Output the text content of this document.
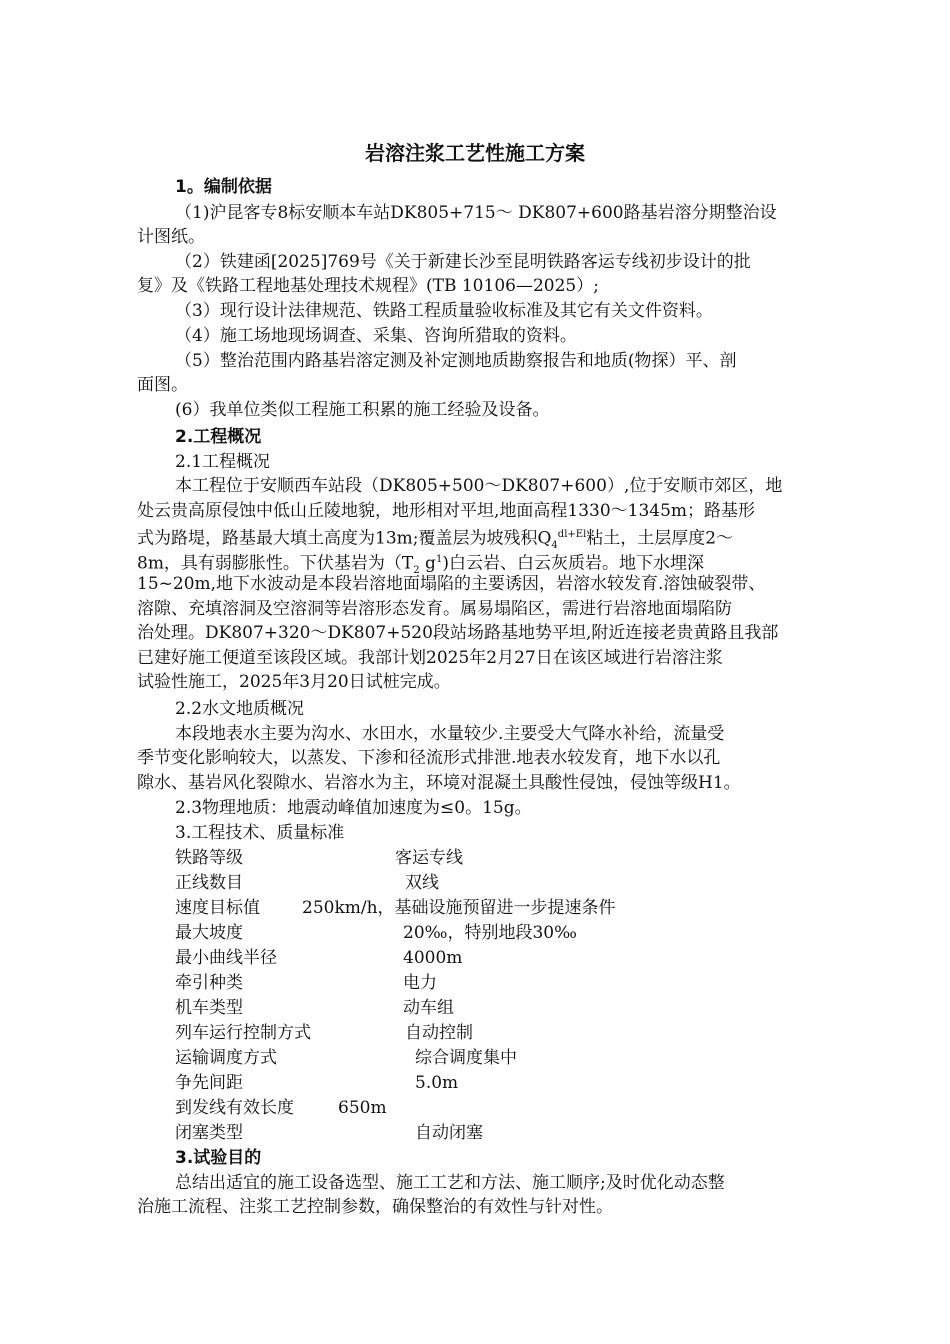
岩溶注浆工艺性施工方案
1。编制依据
（1)沪昆客专8标安顺本车站DK805+715～ DK807+600路基岩溶分期整治设
计图纸。
（2）铁建函[2025]769号《关于新建长沙至昆明铁路客运专线初步设计的批
复》及《铁路工程地基处理技术规程》(TB 10106—2025）;
（3）现行设计法律规范、铁路工程质量验收标准及其它有关文件资料。
（4）施工场地现场调查、采集、咨询所猎取的资料。
（5）整治范围内路基岩溶定测及补定测地质勘察报告和地质(物探）平、剖
面图。
(6）我单位类似工程施工积累的施工经验及设备。
2.工程概况
2.1工程概况
本工程位于安顺西车站段（DK805+500～DK807+600）,位于安顺市郊区，地
处云贵高原侵蚀中低山丘陵地貌，地形相对平坦,地面高程1330～1345m；路基形
式为路堤，路基最大填土高度为13m;覆盖层为坡残积$Q_4^{dl+El}$粘土，土层厚度2～
8m，具有弱膨胀性。下伏基岩为（$T_2$ $g^1$)白云岩、白云灰质岩。地下水埋深
15~20m,地下水波动是本段岩溶地面塌陷的主要诱因，岩溶水较发育.溶蚀破裂带、
溶隙、充填溶洞及空溶洞等岩溶形态发育。属易塌陷区，需进行岩溶地面塌陷防
治处理。DK807+320～DK807+520段站场路基地势平坦,附近连接老贵黄路且我部
已建好施工便道至该段区域。我部计划2025年2月27日在该区域进行岩溶注浆
试验性施工，2025年3月20日试桩完成。
2.2水文地质概况
本段地表水主要为沟水、水田水，水量较少.主要受大气降水补给，流量受
季节变化影响较大，以蒸发、下渗和径流形式排泄.地表水较发育，地下水以孔
隙水、基岩风化裂隙水、岩溶水为主，环境对混凝土具酸性侵蚀，侵蚀等级H1。
2.3物理地质：地震动峰值加速度为≤0。15g。
3.工程技术、质量标准
铁路等级	客运专线
正线数目	双线
速度目标值 250km/h，基础设施预留进一步提速条件
最大坡度	20‰，特别地段30‰
最小曲线半径	4000m
牵引种类	电力
机车类型	动车组
列车运行控制方式	自动控制
运输调度方式	综合调度集中
争先间距	5.0m
到发线有效长度	650m
闭塞类型	自动闭塞
3.试验目的
总结出适宜的施工设备选型、施工工艺和方法、施工顺序;及时优化动态整
治施工流程、注浆工艺控制参数，确保整治的有效性与针对性。
